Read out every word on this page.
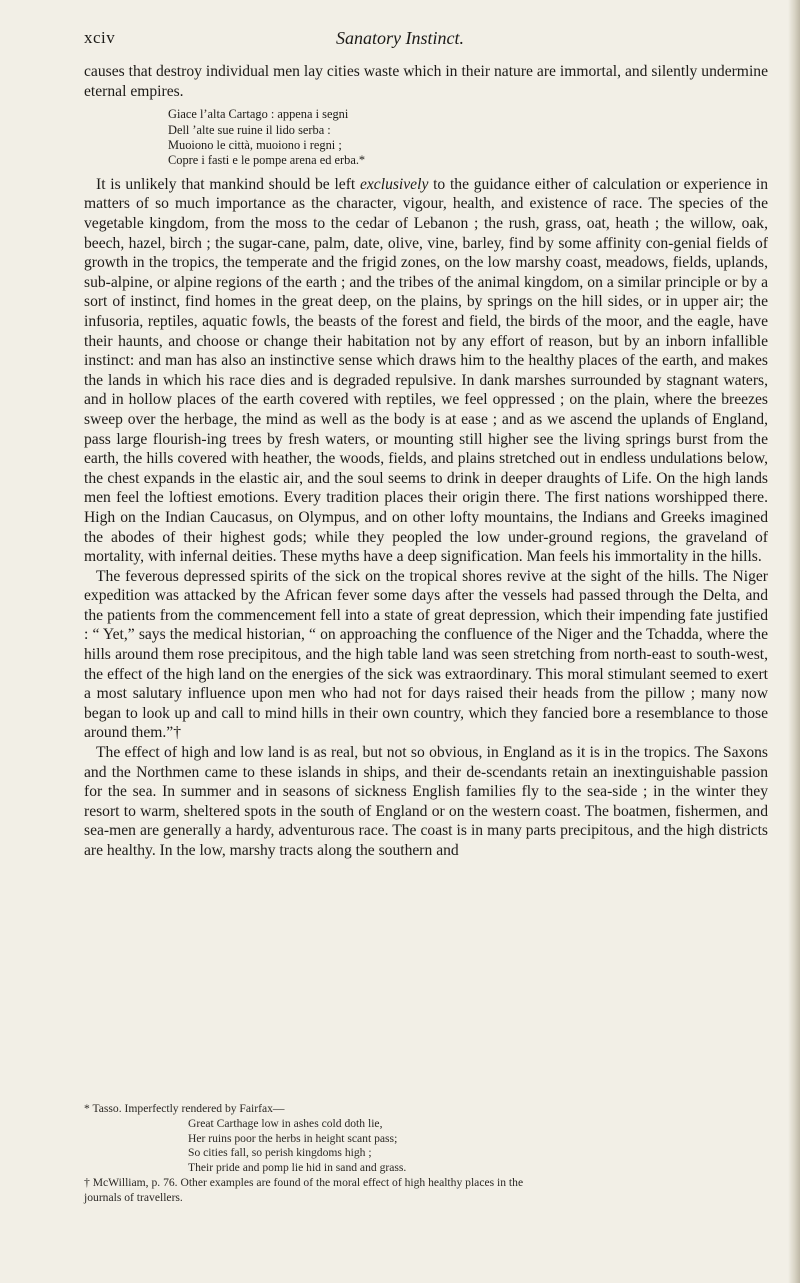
xciv	Sanatory Instinct.

causes that destroy individual men lay cities waste which in their nature are immortal, and silently undermine eternal empires.

Giace l’alta Cartago : appena i segni
Dell ’alte sue ruine il lido serba :
Muoiono le città, muoiono i regni ;
Copre i fasti e le pompe arena ed erba.*

It is unlikely that mankind should be left exclusively to the guidance either of calculation or experience in matters of so much importance as the character, vigour, health, and existence of race. The species of the vegetable kingdom, from the moss to the cedar of Lebanon ; the rush, grass, oat, heath ; the willow, oak, beech, hazel, birch ; the sugar-cane, palm, date, olive, vine, barley, find by some affinity con-genial fields of growth in the tropics, the temperate and the frigid zones, on the low marshy coast, meadows, fields, uplands, sub-alpine, or alpine regions of the earth ; and the tribes of the animal kingdom, on a similar principle or by a sort of instinct, find homes in the great deep, on the plains, by springs on the hill sides, or in upper air; the infusoria, reptiles, aquatic fowls, the beasts of the forest and field, the birds of the moor, and the eagle, have their haunts, and choose or change their habitation not by any effort of reason, but by an inborn infallible instinct: and man has also an instinctive sense which draws him to the healthy places of the earth, and makes the lands in which his race dies and is degraded repulsive. In dank marshes surrounded by stagnant waters, and in hollow places of the earth covered with reptiles, we feel oppressed ; on the plain, where the breezes sweep over the herbage, the mind as well as the body is at ease ; and as we ascend the uplands of England, pass large flourish-ing trees by fresh waters, or mounting still higher see the living springs burst from the earth, the hills covered with heather, the woods, fields, and plains stretched out in endless undulations below, the chest expands in the elastic air, and the soul seems to drink in deeper draughts of Life. On the high lands men feel the loftiest emotions. Every tradition places their origin there. The first nations worshipped there. High on the Indian Caucasus, on Olympus, and on other lofty mountains, the Indians and Greeks imagined the abodes of their highest gods; while they peopled the low under-ground regions, the graveland of mortality, with infernal deities. These myths have a deep signification. Man feels his immortality in the hills.

The feverous depressed spirits of the sick on the tropical shores revive at the sight of the hills. The Niger expedition was attacked by the African fever some days after the vessels had passed through the Delta, and the patients from the commencement fell into a state of great depression, which their impending fate justified : “ Yet,” says the medical historian, “ on approaching the confluence of the Niger and the Tchadda, where the hills around them rose precipitous, and the high table land was seen stretching from north-east to south-west, the effect of the high land on the energies of the sick was extraordinary. This moral stimulant seemed to exert a most salutary influence upon men who had not for days raised their heads from the pillow ; many now began to look up and call to mind hills in their own country, which they fancied bore a resemblance to those around them.”†

The effect of high and low land is as real, but not so obvious, in England as it is in the tropics. The Saxons and the Northmen came to these islands in ships, and their de-scendants retain an inextinguishable passion for the sea. In summer and in seasons of sickness English families fly to the sea-side ; in the winter they resort to warm, sheltered spots in the south of England or on the western coast. The boatmen, fishermen, and sea-men are generally a hardy, adventurous race. The coast is in many parts precipitous, and the high districts are healthy. In the low, marshy tracts along the southern and

* Tasso. Imperfectly rendered by Fairfax—
Great Carthage low in ashes cold doth lie,
Her ruins poor the herbs in height scant pass;
So cities fall, so perish kingdoms high ;
Their pride and pomp lie hid in sand and grass.
† McWilliam, p. 76. Other examples are found of the moral effect of high healthy places in the
journals of travellers.
